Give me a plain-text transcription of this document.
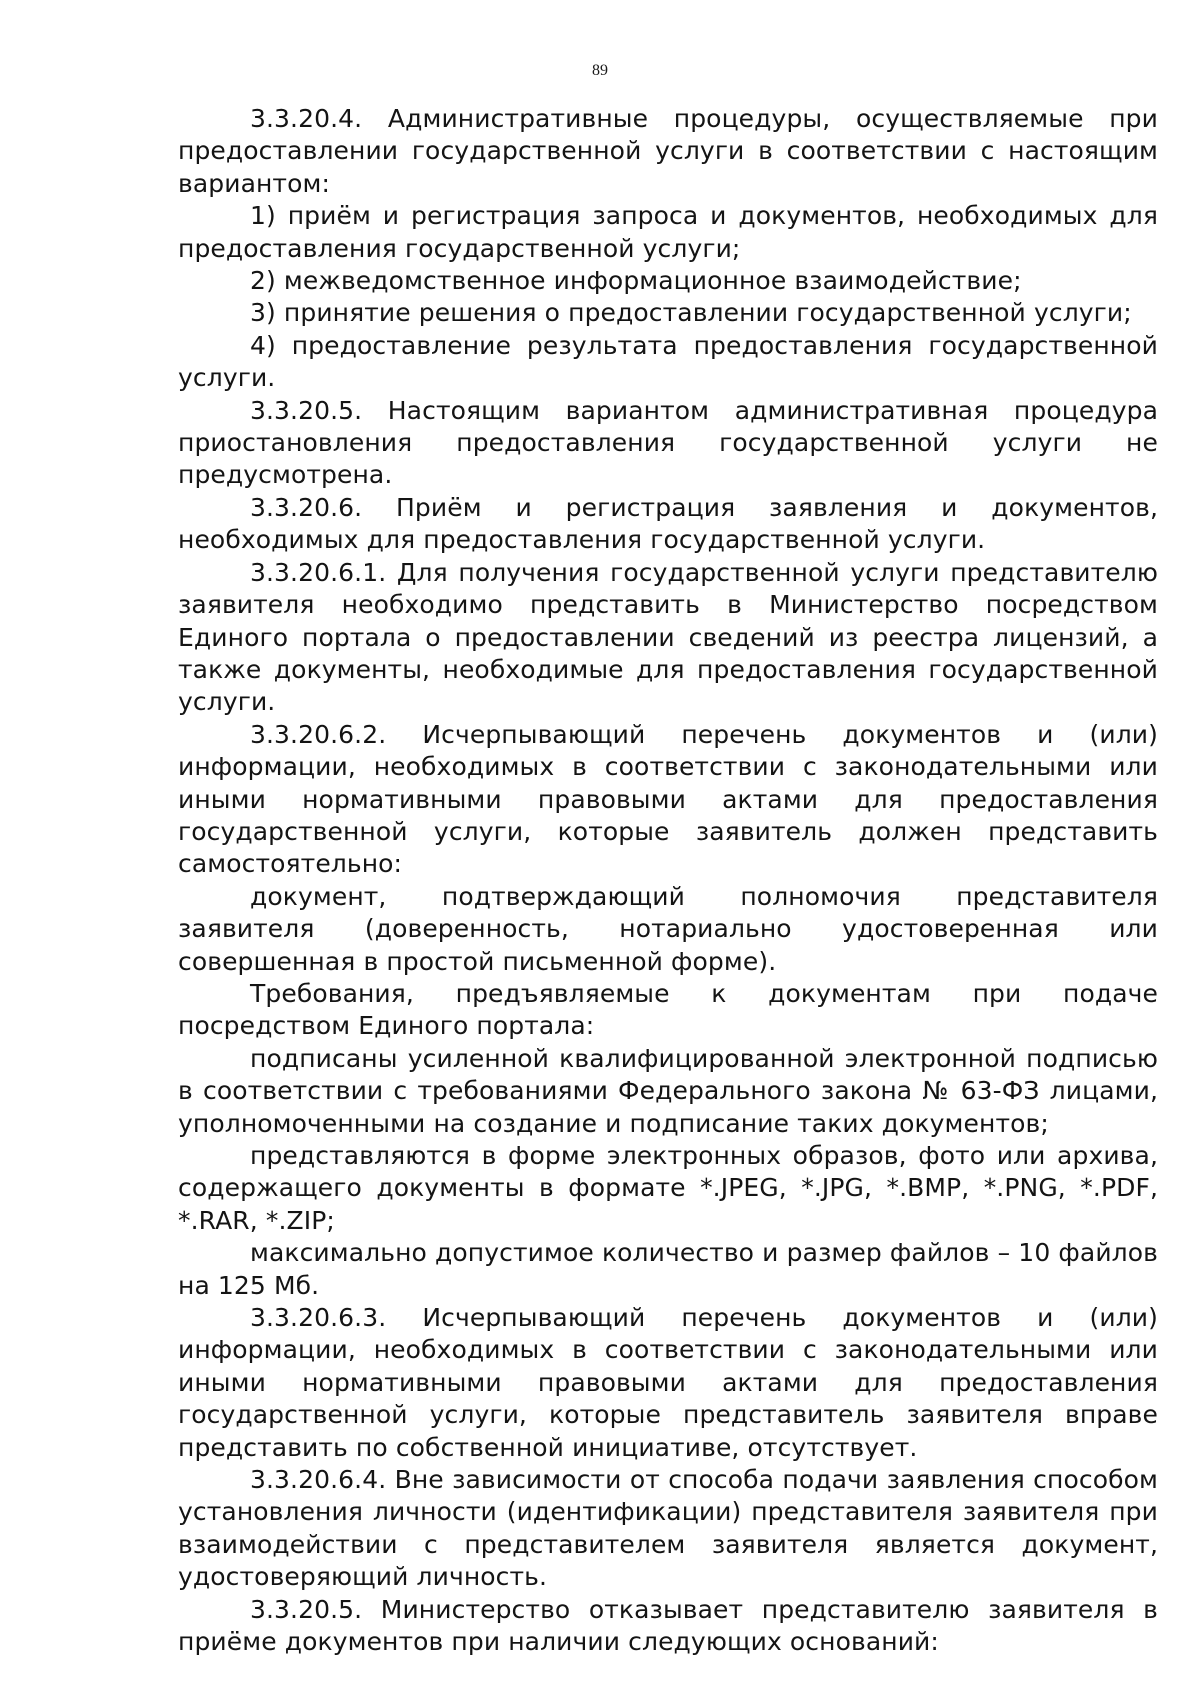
89

3.3.20.4. Административные процедуры, осуществляемые при предоставлении государственной услуги в соответствии с настоящим вариантом:

1) приём и регистрация запроса и документов, необходимых для предоставления государственной услуги;

2) межведомственное информационное взаимодействие;

3) принятие решения о предоставлении государственной услуги;

4) предоставление результата предоставления государственной услуги.

3.3.20.5. Настоящим вариантом административная процедура приостановления предоставления государственной услуги не предусмотрена.

3.3.20.6. Приём и регистрация заявления и документов, необходимых для предоставления государственной услуги.

3.3.20.6.1. Для получения государственной услуги представителю заявителя необходимо представить в Министерство посредством Единого портала о предоставлении сведений из реестра лицензий, а также документы, необходимые для предоставления государственной услуги.

3.3.20.6.2. Исчерпывающий перечень документов и (или) информации, необходимых в соответствии с законодательными или иными нормативными правовыми актами для предоставления государственной услуги, которые заявитель должен представить самостоятельно:

документ, подтверждающий полномочия представителя заявителя (доверенность, нотариально удостоверенная или совершенная в простой письменной форме).

Требования, предъявляемые к документам при подаче посредством Единого портала:

подписаны усиленной квалифицированной электронной подписью в соответствии с требованиями Федерального закона № 63-ФЗ лицами, уполномоченными на создание и подписание таких документов;

представляются в форме электронных образов, фото или архива, содержащего документы в формате *.JPEG, *.JPG, *.BMP, *.PNG, *.PDF, *.RAR, *.ZIP;

максимально допустимое количество и размер файлов – 10 файлов на 125 Мб.

3.3.20.6.3. Исчерпывающий перечень документов и (или) информации, необходимых в соответствии с законодательными или иными нормативными правовыми актами для предоставления государственной услуги, которые представитель заявителя вправе представить по собственной инициативе, отсутствует.

3.3.20.6.4. Вне зависимости от способа подачи заявления способом установления личности (идентификации) представителя заявителя при взаимодействии с представителем заявителя является документ, удостоверяющий личность.

3.3.20.5. Министерство отказывает представителю заявителя в приёме документов при наличии следующих оснований:
